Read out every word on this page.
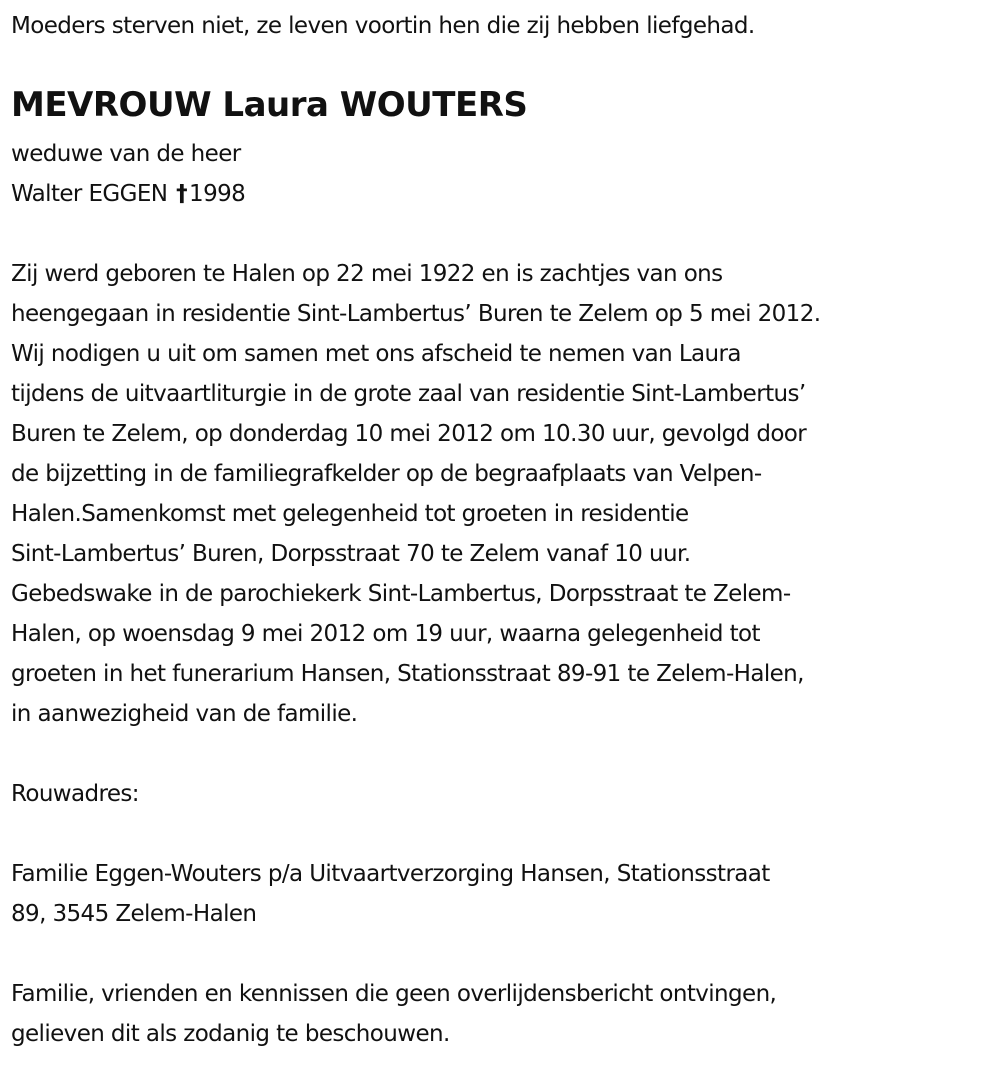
Moeders sterven niet, ze leven voortin hen die zij hebben liefgehad.
MEVROUW Laura WOUTERS
weduwe van de heer
Walter EGGEN †1998
Zij werd geboren te Halen op 22 mei 1922 en is zachtjes van ons
heengegaan in residentie Sint-Lambertus’ Buren te Zelem op 5 mei 2012.
Wij nodigen u uit om samen met ons afscheid te nemen van Laura
tijdens de uitvaartliturgie in de grote zaal van residentie Sint-Lambertus’
Buren te Zelem, op donderdag 10 mei 2012 om 10.30 uur, gevolgd door
de bijzetting in de familiegrafkelder op de begraafplaats van Velpen-
Halen.Samenkomst met gelegenheid tot groeten in residentie
Sint-Lambertus’ Buren, Dorpsstraat 70 te Zelem vanaf 10 uur.
Gebedswake in de parochiekerk Sint-Lambertus, Dorpsstraat te Zelem-
Halen, op woensdag 9 mei 2012 om 19 uur, waarna gelegenheid tot
groeten in het funerarium Hansen, Stationsstraat 89-91 te Zelem-Halen,
in aanwezigheid van de familie.
Rouwadres:
Familie Eggen-Wouters p/a Uitvaartverzorging Hansen, Stationsstraat
89, 3545 Zelem-Halen
Familie, vrienden en kennissen die geen overlijdensbericht ontvingen,
gelieven dit als zodanig te beschouwen.
